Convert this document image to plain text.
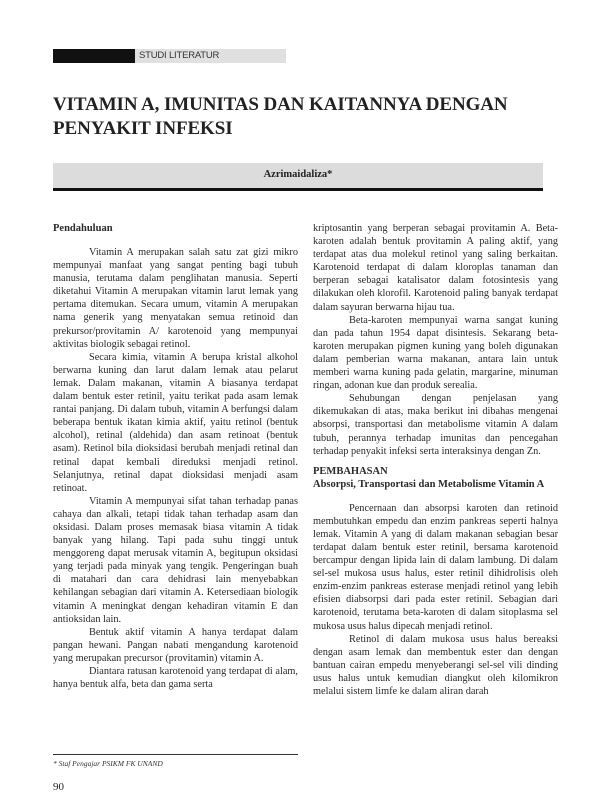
STUDI LITERATUR
VITAMIN A, IMUNITAS DAN KAITANNYA DENGAN PENYAKIT INFEKSI
Azrimaidaliza*
Pendahuluan

Vitamin A merupakan salah satu zat gizi mikro mempunyai manfaat yang sangat penting bagi tubuh manusia, terutama dalam penglihatan manusia. Seperti diketahui Vitamin A merupakan vitamin larut lemak yang pertama ditemukan. Secara umum, vitamin A merupakan nama generik yang menyatakan semua retinoid dan prekursor/provitamin A/ karotenoid yang mempunyai aktivitas biologik sebagai retinol.

Secara kimia, vitamin A berupa kristal alkohol berwarna kuning dan larut dalam lemak atau pelarut lemak. Dalam makanan, vitamin A biasanya terdapat dalam bentuk ester retinil, yaitu terikat pada asam lemak rantai panjang. Di dalam tubuh, vitamin A berfungsi dalam beberapa bentuk ikatan kimia aktif, yaitu retinol (bentuk alcohol), retinal (aldehida) dan asam retinoat (bentuk asam). Retinol bila dioksidasi berubah menjadi retinal dan retinal dapat kembali direduksi menjadi retinol. Selanjutnya, retinal dapat dioksidasi menjadi asam retinoat.

Vitamin A mempunyai sifat tahan terhadap panas cahaya dan alkali, tetapi tidak tahan terhadap asam dan oksidasi. Dalam proses memasak biasa vitamin A tidak banyak yang hilang. Tapi pada suhu tinggi untuk menggoreng dapat merusak vitamin A, begitupun oksidasi yang terjadi pada minyak yang tengik. Pengeringan buah di matahari dan cara dehidrasi lain menyebabkan kehilangan sebagian dari vitamin A. Ketersediaan biologik vitamin A meningkat dengan kehadiran vitamin E dan antioksidan lain.

Bentuk aktif vitamin A hanya terdapat dalam pangan hewani. Pangan nabati mengandung karotenoid yang merupakan precursor (provitamin) vitamin A.

Diantara ratusan karotenoid yang terdapat di alam, hanya bentuk alfa, beta dan gama serta

kriptosantin yang berperan sebagai provitamin A. Beta-karoten adalah bentuk provitamin A paling aktif, yang terdapat atas dua molekul retinol yang saling berkaitan. Karotenoid terdapat di dalam kloroplas tanaman dan berperan sebagai katalisator dalam fotosintesis yang dilakukan oleh klorofil. Karotenoid paling banyak terdapat dalam sayuran berwarna hijau tua.

Beta-karoten mempunyai warna sangat kuning dan pada tahun 1954 dapat disintesis. Sekarang beta-karoten merupakan pigmen kuning yang boleh digunakan dalam pemberian warna makanan, antara lain untuk memberi warna kuning pada gelatin, margarine, minuman ringan, adonan kue dan produk serealia.

Sehubungan dengan penjelasan yang dikemukakan di atas, maka berikut ini dibahas mengenai absorpsi, transportasi dan metabolisme vitamin A dalam tubuh, perannya terhadap imunitas dan pencegahan terhadap penyakit infeksi serta interaksinya dengan Zn.

PEMBAHASAN
Absorpsi, Transportasi dan Metabolisme Vitamin A

Pencernaan dan absorpsi karoten dan retinoid membutuhkan empedu dan enzim pankreas seperti halnya lemak. Vitamin A yang di dalam makanan sebagian besar terdapat dalam bentuk ester retinil, bersama karotenoid bercampur dengan lipida lain di dalam lambung. Di dalam sel-sel mukosa usus halus, ester retinil dihidrolisis oleh enzim-enzim pankreas esterase menjadi retinol yang lebih efisien diabsorpsi dari pada ester retinil. Sebagian dari karotenoid, terutama beta-karoten di dalam sitoplasma sel mukosa usus halus dipecah menjadi retinol.

Retinol di dalam mukosa usus halus bereaksi dengan asam lemak dan membentuk ester dan dengan bantuan cairan empedu menyeberangi sel-sel vili dinding usus halus untuk kemudian diangkut oleh kilomikron melalui sistem limfe ke dalam aliran darah

* Staf Pengajar PSIKM FK UNAND
90
